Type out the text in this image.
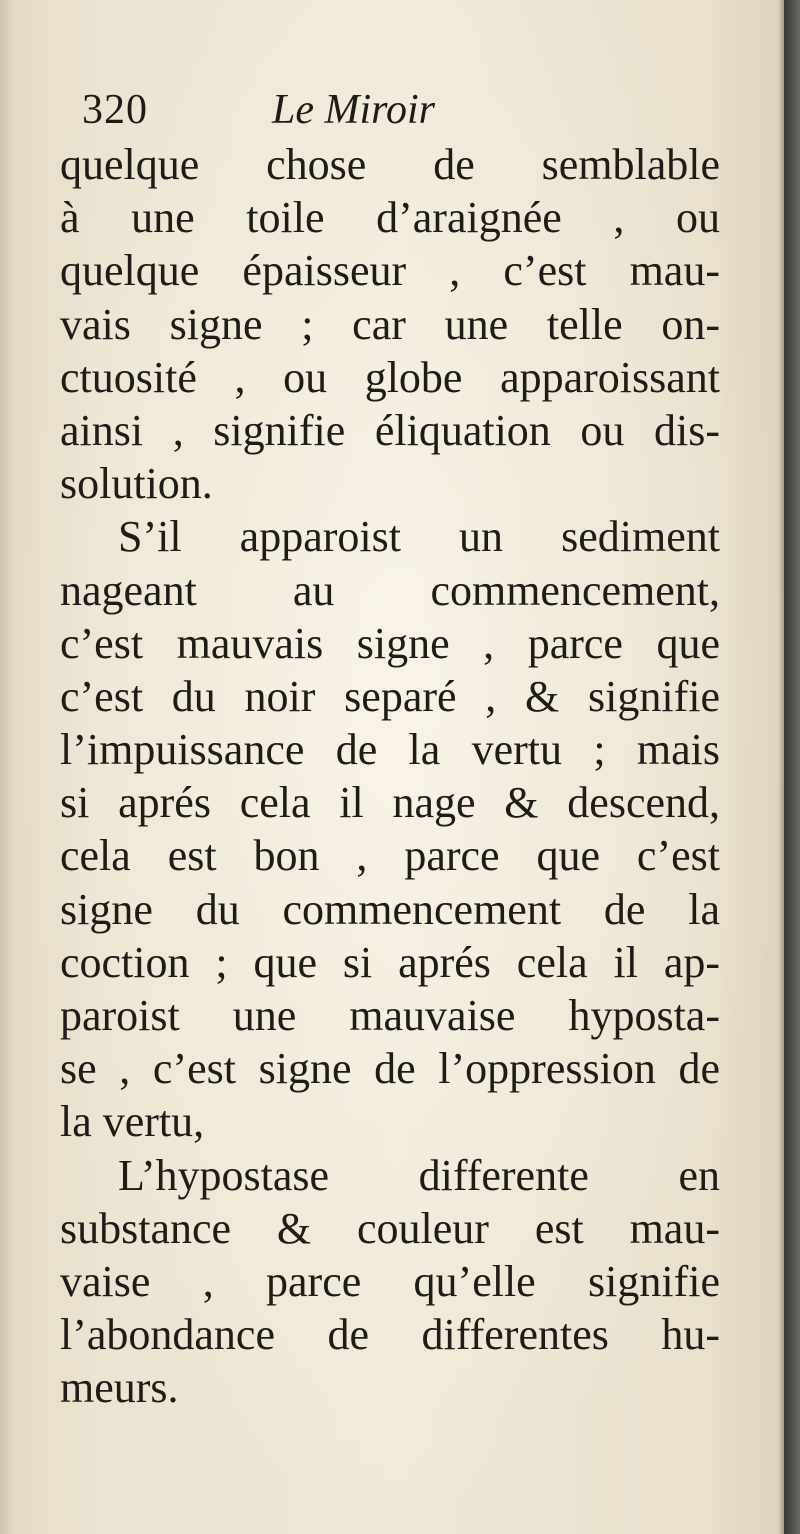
320	Le Miroir
quelque chose de semblable
à une toile d’araignée , ou
quelque épaisseur , c’est mau-
vais signe ; car une telle on-
ctuosité , ou globe apparoissant
ainsi , signifie éliquation ou dis-
solution.
S’il apparoist un sediment
nageant au commencement,
c’est mauvais signe , parce que
c’est du noir separé , & signifie
l’impuissance de la vertu ; mais
si aprés cela il nage & descend,
cela est bon , parce que c’est
signe du commencement de la
coction ; que si aprés cela il ap-
paroist une mauvaise hyposta-
se , c’est signe de l’oppression de
la vertu,
L’hypostase differente en
substance & couleur est mau-
vaise , parce qu’elle signifie
l’abondance de differentes hu-
meurs.
